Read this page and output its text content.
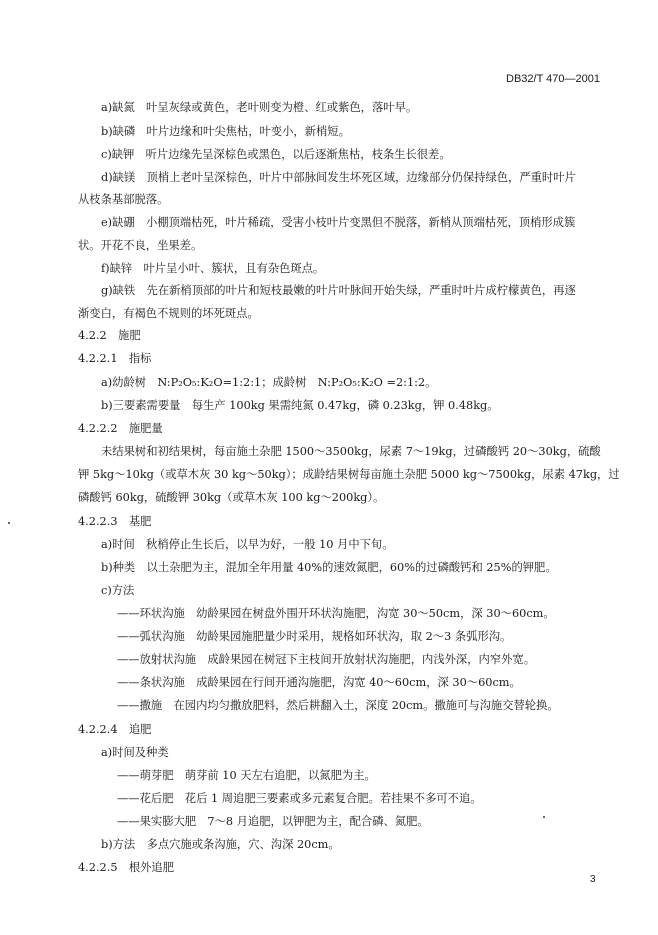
DB32/T 470—2001
a)缺氮　叶呈灰绿或黄色，老叶则变为橙、红或紫色，落叶早。
b)缺磷　叶片边缘和叶尖焦枯，叶变小，新梢短。
c)缺钾　听片边缘先呈深棕色或黑色，以后逐渐焦枯，枝条生长很差。
d)缺镁　顶梢上老叶呈深棕色，叶片中部脉间发生坏死区域，边缘部分仍保持绿色，严重时叶片
从枝条基部脱落。
e)缺硼　小棚顶端枯死，叶片稀疏，受害小枝叶片变黑但不脱落，新梢从顶端枯死，顶梢形成簇
状。开花不良，坐果差。
f)缺锌　叶片呈小叶、簇状，且有杂色斑点。
g)缺铁　先在新梢顶部的叶片和短枝最嫩的叶片叶脉间开始失绿，严重时叶片成柠檬黄色，再逐
渐变白，有褐色不规则的坏死斑点。
4.2.2　施肥
4.2.2.1　指标
a)幼龄树　N:P₂O₅:K₂O=1:2:1；成龄树　N:P₂O₅:K₂O =2:1:2。
b)三要素需要量　每生产 100kg 果需纯氮 0.47kg，磷 0.23kg，钾 0.48kg。
4.2.2.2　施肥量
未结果树和初结果树，每亩施土杂肥 1500～3500kg，尿素 7～19kg，过磷酸钙 20～30kg，硫酸
钾 5kg～10kg（或草木灰 30 kg～50kg）；成龄结果树每亩施土杂肥 5000 kg～7500kg，尿素 47kg，过
磷酸钙 60kg，硫酸钾 30kg（或草木灰 100 kg～200kg）。
4.2.2.3　基肥
a)时间　秋梢停止生长后，以早为好，一般 10 月中下旬。
b)种类　以土杂肥为主，混加全年用量 40%的速效氮肥，60%的过磷酸钙和 25%的钾肥。
c)方法
——环状沟施　幼龄果园在树盘外围开环状沟施肥，沟宽 30～50cm，深 30～60cm。
——弧状沟施　幼龄果园施肥量少时采用，规格如环状沟，取 2～3 条弧形沟。
——放射状沟施　成龄果园在树冠下主枝间开放射状沟施肥，内浅外深，内窄外宽。
——条状沟施　成龄果园在行间开通沟施肥，沟宽 40～60cm，深 30～60cm。
——撒施　在园内均匀撒放肥料，然后耕翻入土，深度 20cm。撒施可与沟施交替轮换。
4.2.2.4　追肥
a)时间及种类
——萌芽肥　萌芽前 10 天左右追肥，以氮肥为主。
——花后肥　花后 1 周追肥三要素或多元素复合肥。若挂果不多可不追。
——果实膨大肥　7～8 月追肥，以钾肥为主，配合磷、氮肥。
b)方法　多点穴施或条沟施，穴、沟深 20cm。
4.2.2.5　根外追肥
3
